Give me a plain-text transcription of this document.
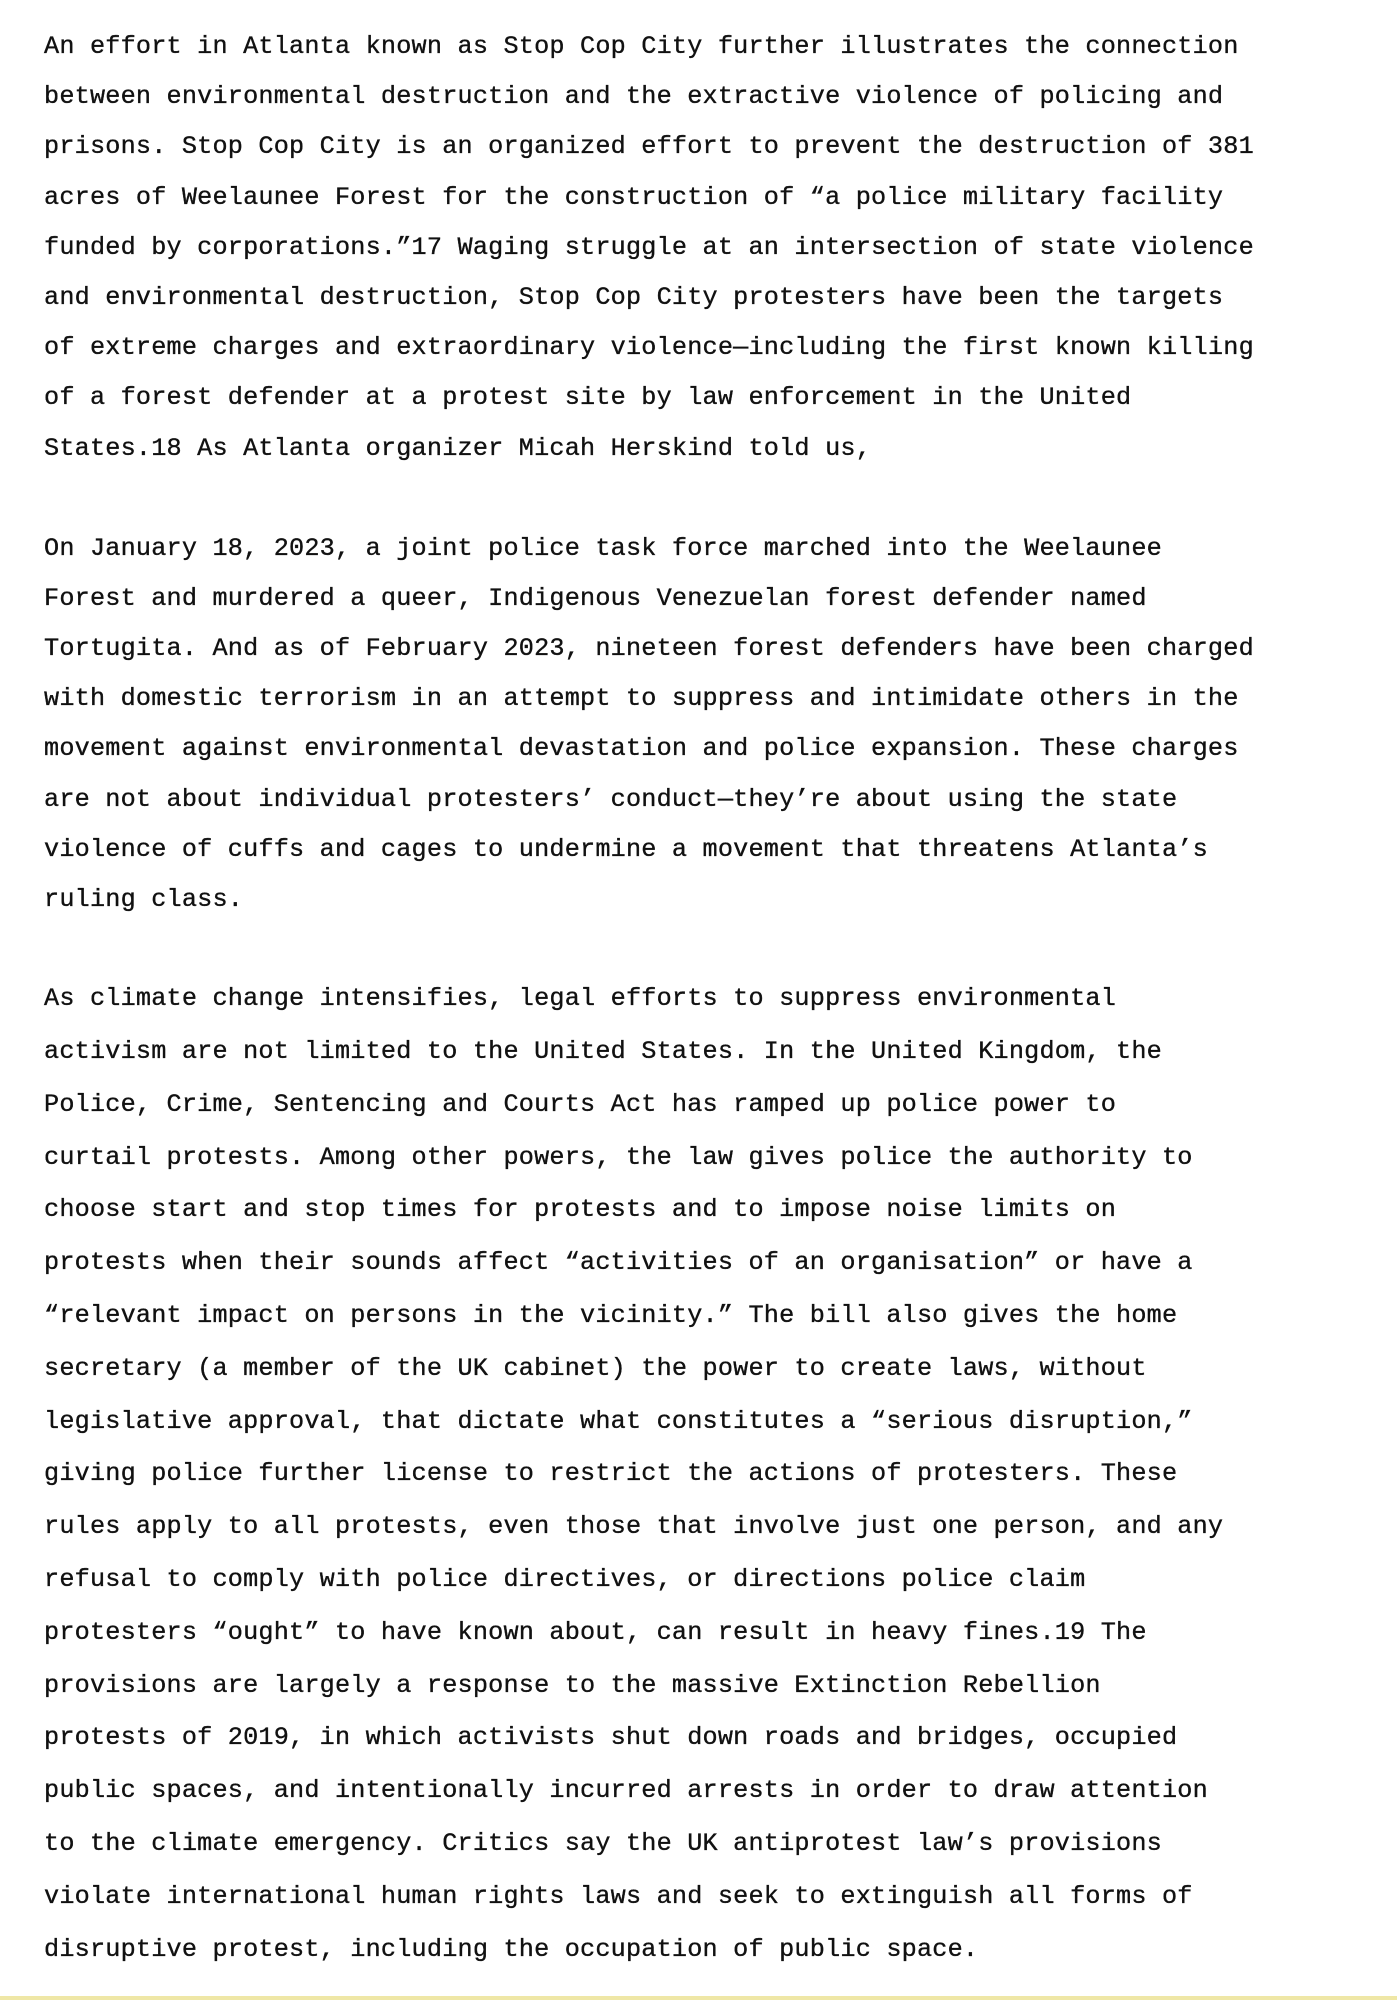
An effort in Atlanta known as Stop Cop City further illustrates the connection
between environmental destruction and the extractive violence of policing and
prisons. Stop Cop City is an organized effort to prevent the destruction of 381
acres of Weelaunee Forest for the construction of “a police military facility
funded by corporations.”17 Waging struggle at an intersection of state violence
and environmental destruction, Stop Cop City protesters have been the targets
of extreme charges and extraordinary violence—including the first known killing
of a forest defender at a protest site by law enforcement in the United
States.18 As Atlanta organizer Micah Herskind told us,

On January 18, 2023, a joint police task force marched into the Weelaunee
Forest and murdered a queer, Indigenous Venezuelan forest defender named
Tortugita. And as of February 2023, nineteen forest defenders have been charged
with domestic terrorism in an attempt to suppress and intimidate others in the
movement against environmental devastation and police expansion. These charges
are not about individual protesters’ conduct—they’re about using the state
violence of cuffs and cages to undermine a movement that threatens Atlanta’s
ruling class.

As climate change intensifies, legal efforts to suppress environmental
activism are not limited to the United States. In the United Kingdom, the
Police, Crime, Sentencing and Courts Act has ramped up police power to
curtail protests. Among other powers, the law gives police the authority to
choose start and stop times for protests and to impose noise limits on
protests when their sounds affect “activities of an organisation” or have a
“relevant impact on persons in the vicinity.” The bill also gives the home
secretary (a member of the UK cabinet) the power to create laws, without
legislative approval, that dictate what constitutes a “serious disruption,”
giving police further license to restrict the actions of protesters. These
rules apply to all protests, even those that involve just one person, and any
refusal to comply with police directives, or directions police claim
protesters “ought” to have known about, can result in heavy fines.19 The
provisions are largely a response to the massive Extinction Rebellion
protests of 2019, in which activists shut down roads and bridges, occupied
public spaces, and intentionally incurred arrests in order to draw attention
to the climate emergency. Critics say the UK antiprotest law’s provisions
violate international human rights laws and seek to extinguish all forms of
disruptive protest, including the occupation of public space.
